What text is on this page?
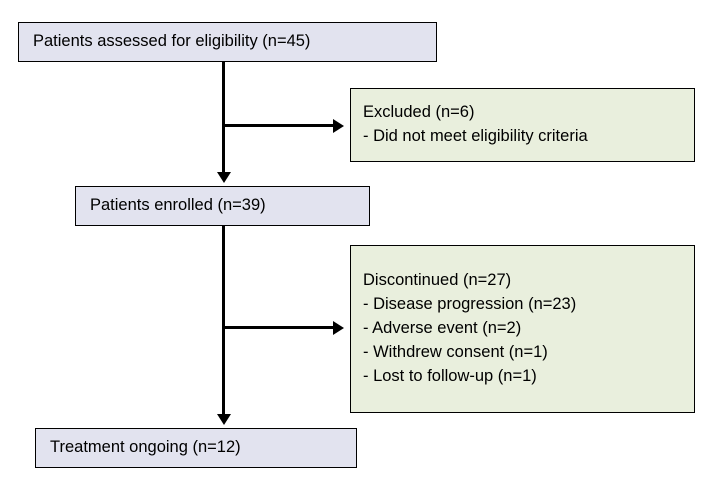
Patients assessed for eligibility (n=45)
Excluded (n=6)
- Did not meet eligibility criteria
Patients enrolled (n=39)
Discontinued (n=27)
- Disease progression (n=23)
- Adverse event (n=2)
- Withdrew consent (n=1)
- Lost to follow-up (n=1)
Treatment ongoing (n=12)
